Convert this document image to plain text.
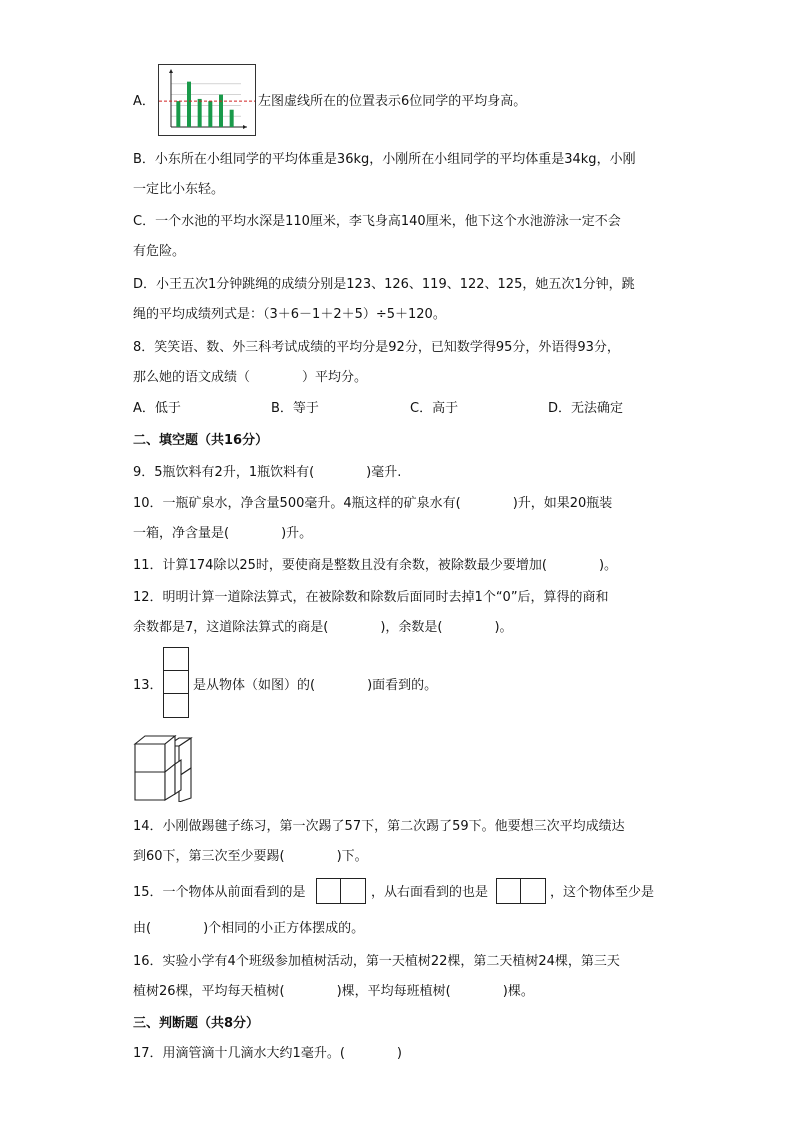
A．	左图虚线所在的位置表示6位同学的平均身高。
B．小东所在小组同学的平均体重是36kg，小刚所在小组同学的平均体重是34kg，小刚
一定比小东轻。
C．一个水池的平均水深是110厘米，李飞身高140厘米，他下这个水池游泳一定不会
有危险。
D．小王五次1分钟跳绳的成绩分别是123、126、119、122、125，她五次1分钟，跳
绳的平均成绩列式是：（3＋6－1＋2＋5）÷5＋120。
8．笑笑语、数、外三科考试成绩的平均分是92分，已知数学得95分，外语得93分，
那么她的语文成绩（　　　　）平均分。
A．低于	B．等于	C．高于	D．无法确定
二、填空题（共16分）
9．5瓶饮料有2升，1瓶饮料有(　　　　)毫升.
10．一瓶矿泉水，净含量500毫升。4瓶这样的矿泉水有(　　　　)升，如果20瓶装
一箱，净含量是(　　　　)升。
11．计算174除以25时，要使商是整数且没有余数，被除数最少要增加(　　　　)。
12．明明计算一道除法算式，在被除数和除数后面同时去掉1个“0”后，算得的商和
余数都是7，这道除法算式的商是(　　　　)，余数是(　　　　)。
13． 是从物体（如图）的(　　　　)面看到的。
14．小刚做踢毽子练习，第一次踢了57下，第二次踢了59下。他要想三次平均成绩达
到60下，第三次至少要踢(　　　　)下。
15．一个物体从前面看到的是	，从右面看到的也是	，这个物体至少是
由(　　　　)个相同的小正方体摆成的。
16．实验小学有4个班级参加植树活动，第一天植树22棵，第二天植树24棵，第三天
植树26棵，平均每天植树(　　　　)棵，平均每班植树(　　　　)棵。
三、判断题（共8分）
17．用滴管滴十几滴水大约1毫升。(　　　　)
